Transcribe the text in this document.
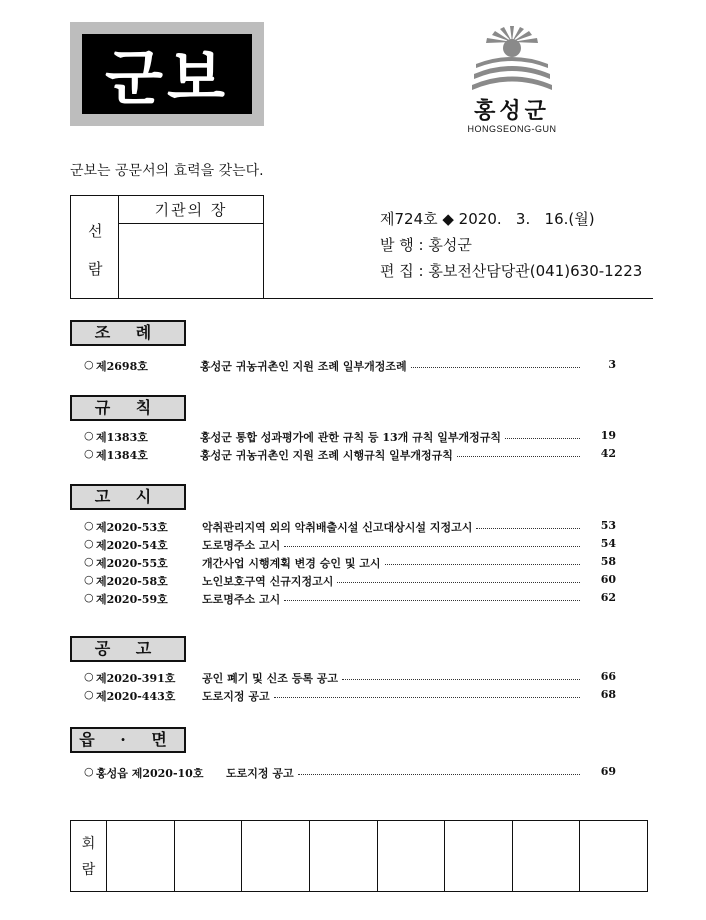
군보	홍성군
HONGSEONG-GUN
군보는 공문서의 효력을 갖는다.
선
람
기관의 장	제724호 ◆ 2020.   3.   16.(월)
발 행 : 홍성군
편 집 : 홍보전산담당관(041)630-1223
조 례
○ 제2698호	홍성군 귀농귀촌인 지원 조례 일부개정조례	3
규 칙
○ 제1383호	홍성군 통합 성과평가에 관한 규칙 등 13개 규칙 일부개정규칙	19
○ 제1384호	홍성군 귀농귀촌인 지원 조례 시행규칙 일부개정규칙	42
고 시
○ 제2020-53호	악취관리지역 외의 악취배출시설 신고대상시설 지정고시	53
○ 제2020-54호	도로명주소 고시	54
○ 제2020-55호	개간사업 시행계획 변경 승인 및 고시	58
○ 제2020-58호	노인보호구역 신규지정고시	60
○ 제2020-59호	도로명주소 고시	62
공 고
○ 제2020-391호 공인 폐기 및 신조 등록 공고	66
○ 제2020-443호 도로지정 공고	68
읍 · 면
○ 홍성읍 제2020-10호 도로지정 공고	69
회
람
